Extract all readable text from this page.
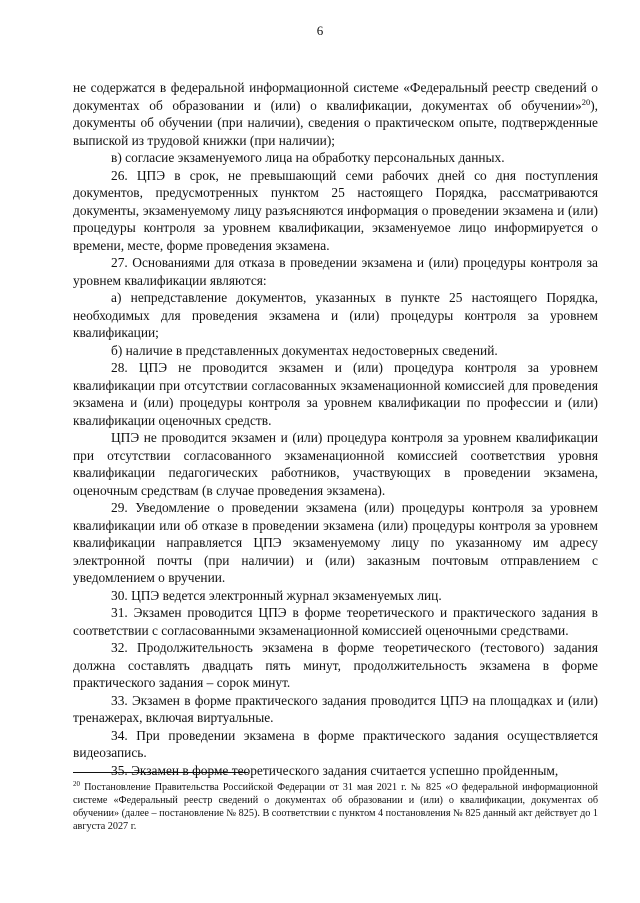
6

не содержатся в федеральной информационной системе «Федеральный реестр сведений о документах об образовании и (или) о квалификации, документах об обучении»$^{20}$), документы об обучении (при наличии), сведения о практическом опыте, подтвержденные выпиской из трудовой книжки (при наличии);

в) согласие экзаменуемого лица на обработку персональных данных.

26. ЦПЭ в срок, не превышающий семи рабочих дней со дня поступления документов, предусмотренных пунктом 25 настоящего Порядка, рассматриваются документы, экзаменуемому лицу разъясняются информация о проведении экзамена и (или) процедуры контроля за уровнем квалификации, экзаменуемое лицо информируется о времени, месте, форме проведения экзамена.

27. Основаниями для отказа в проведении экзамена и (или) процедуры контроля за уровнем квалификации являются:

а) непредставление документов, указанных в пункте 25 настоящего Порядка, необходимых для проведения экзамена и (или) процедуры контроля за уровнем квалификации;

б) наличие в представленных документах недостоверных сведений.

28. ЦПЭ не проводится экзамен и (или) процедура контроля за уровнем квалификации при отсутствии согласованных экзаменационной комиссией для проведения экзамена и (или) процедуры контроля за уровнем квалификации по профессии и (или) квалификации оценочных средств.

ЦПЭ не проводится экзамен и (или) процедура контроля за уровнем квалификации при отсутствии согласованного экзаменационной комиссией соответствия уровня квалификации педагогических работников, участвующих в проведении экзамена, оценочным средствам (в случае проведения экзамена).

29. Уведомление о проведении экзамена (или) процедуры контроля за уровнем квалификации или об отказе в проведении экзамена (или) процедуры контроля за уровнем квалификации направляется ЦПЭ экзаменуемому лицу по указанному им адресу электронной почты (при наличии) и (или) заказным почтовым отправлением с уведомлением о вручении.

30. ЦПЭ ведется электронный журнал экзаменуемых лиц.

31. Экзамен проводится ЦПЭ в форме теоретического и практического задания в соответствии с согласованными экзаменационной комиссией оценочными средствами.

32. Продолжительность экзамена в форме теоретического (тестового) задания должна составлять двадцать пять минут, продолжительность экзамена в форме практического задания – сорок минут.

33. Экзамен в форме практического задания проводится ЦПЭ на площадках и (или) тренажерах, включая виртуальные.

34. При проведении экзамена в форме практического задания осуществляется видеозапись.

35. Экзамен в форме теоретического задания считается успешно пройденным,

$^{20}$ Постановление Правительства Российской Федерации от 31 мая 2021 г. № 825 «О федеральной информационной системе «Федеральный реестр сведений о документах об образовании и (или) о квалификации, документах об обучении» (далее – постановление № 825). В соответствии с пунктом 4 постановления № 825 данный акт действует до 1 августа 2027 г.
